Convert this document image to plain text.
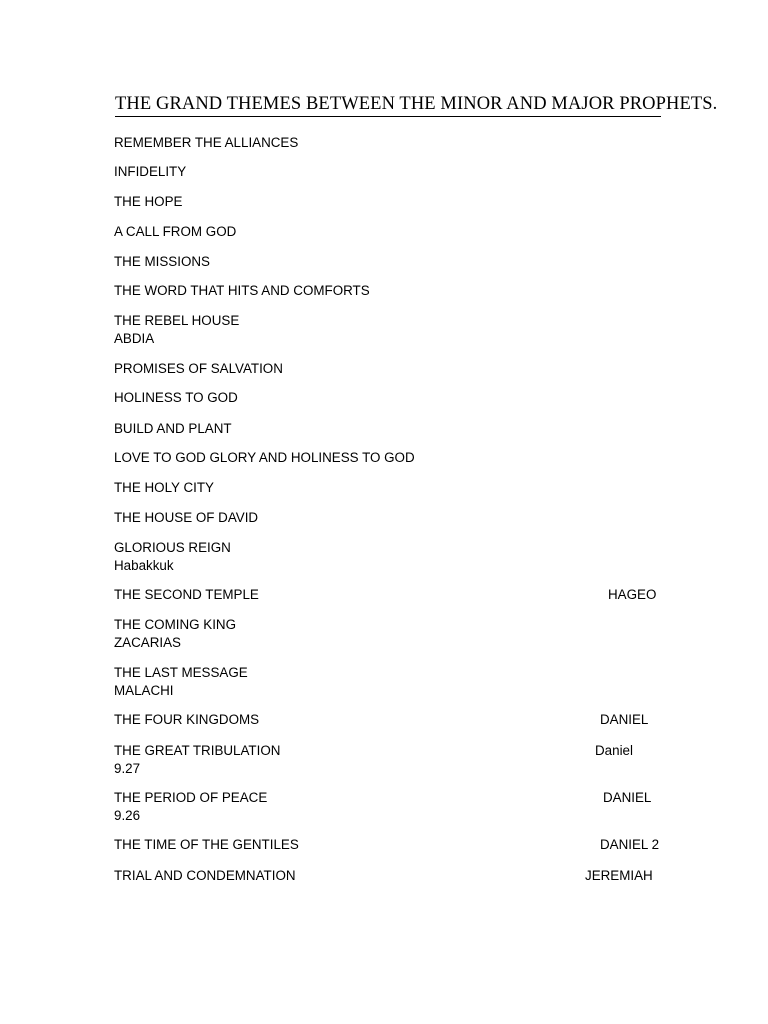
THE GRAND THEMES BETWEEN THE MINOR AND MAJOR PROPHETS.
REMEMBER THE ALLIANCES
INFIDELITY
THE HOPE
A CALL FROM GOD
THE MISSIONS
THE WORD THAT HITS AND COMFORTS
THE REBEL HOUSE
ABDIA
PROMISES OF SALVATION
HOLINESS TO GOD
BUILD AND PLANT
LOVE TO GOD GLORY AND HOLINESS TO GOD
THE HOLY CITY
THE HOUSE OF DAVID
GLORIOUS REIGN
Habakkuk
THE SECOND TEMPLE	HAGEO
THE COMING KING
ZACARIAS
THE LAST MESSAGE
MALACHI
THE FOUR KINGDOMS	DANIEL
THE GREAT TRIBULATION	Daniel
9.27
THE PERIOD OF PEACE	DANIEL
9.26
THE TIME OF THE GENTILES	DANIEL 2
TRIAL AND CONDEMNATION	JEREMIAH
